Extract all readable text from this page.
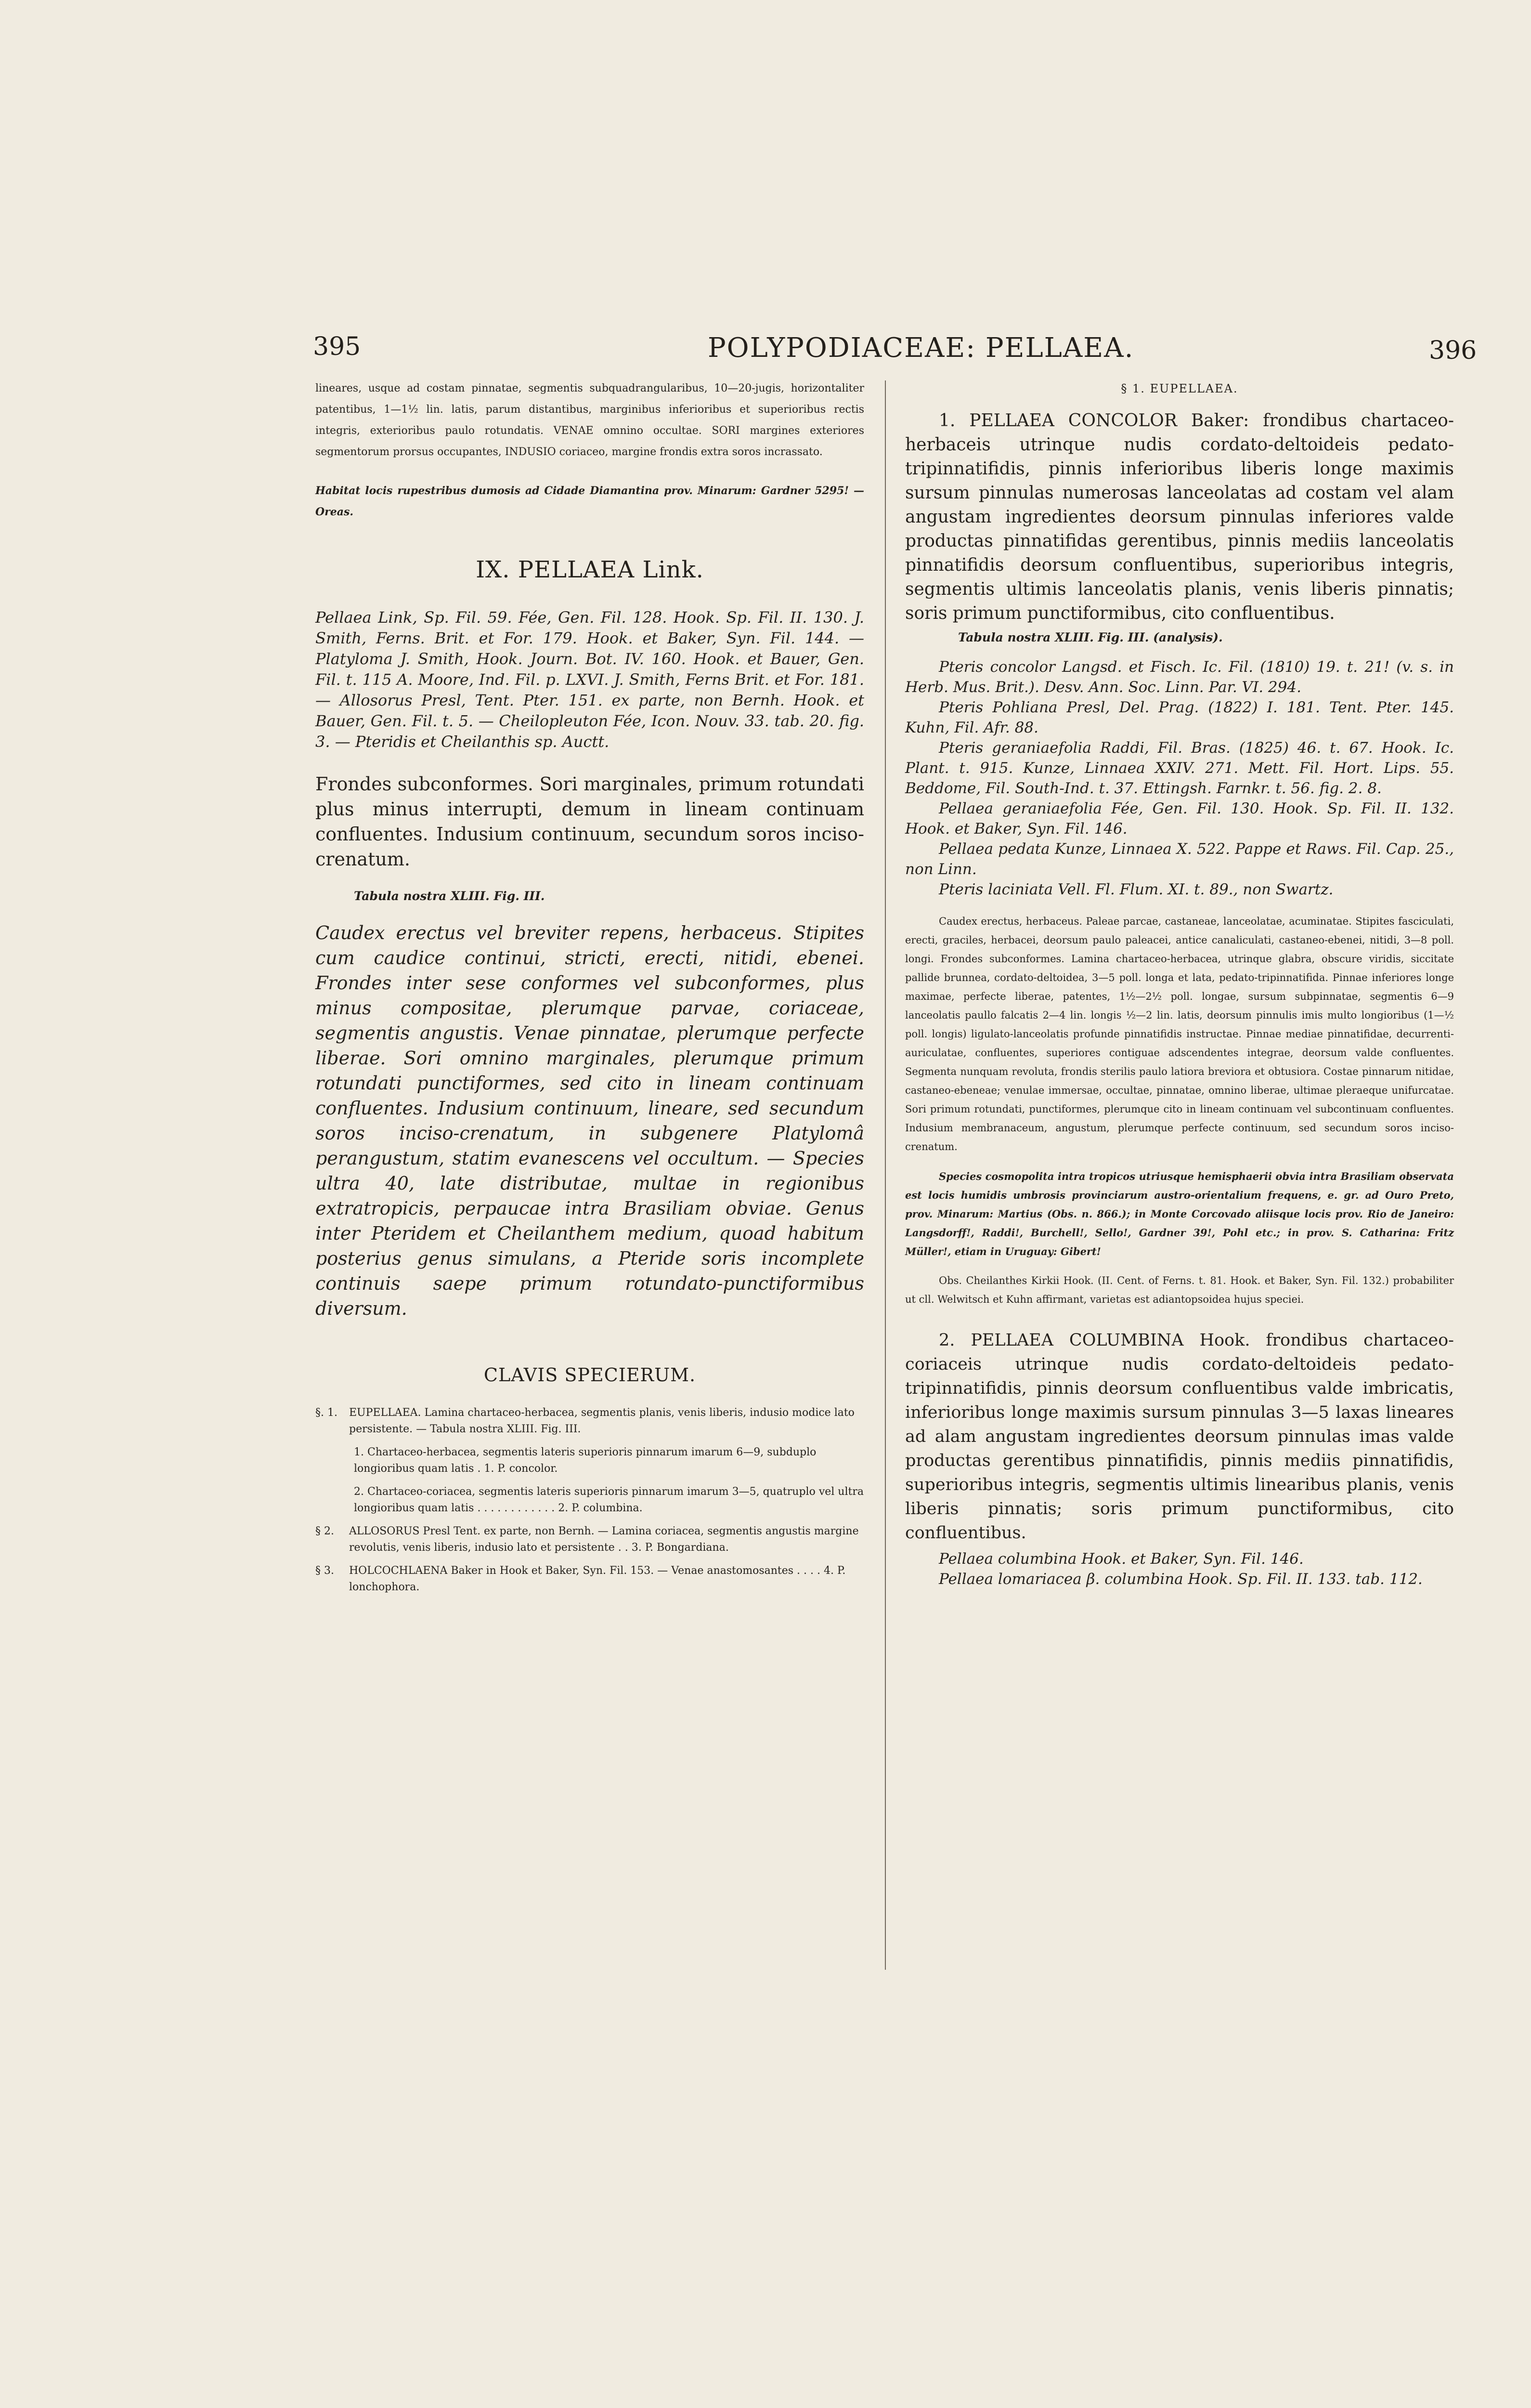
395	POLYPODIACEAE: PELLAEA.	396

lineares, usque ad costam pinnatae, segmentis subquadrangularibus, 10—20-jugis, horizontaliter patentibus, 1—1½ lin. latis, parum distantibus, marginibus inferioribus et superioribus rectis integris, exterioribus paulo rotundatis. VENAE omnino occultae. SORI margines exteriores segmentorum prorsus occupantes, INDUSIO coriaceo, margine frondis extra soros incrassato.

Habitat locis rupestribus dumosis ad Cidade Diamantina prov. Minarum: Gardner 5295! — Oreas.

IX. PELLAEA Link.

Pellaea Link, Sp. Fil. 59. Fée, Gen. Fil. 128. Hook. Sp. Fil. II. 130. J. Smith, Ferns. Brit. et For. 179. Hook. et Baker, Syn. Fil. 144. — Platyloma J. Smith, Hook. Journ. Bot. IV. 160. Hook. et Bauer, Gen. Fil. t. 115 A. Moore, Ind. Fil. p. LXVI. J. Smith, Ferns Brit. et For. 181. — Allosorus Presl, Tent. Pter. 151. ex parte, non Bernh. Hook. et Bauer, Gen. Fil. t. 5. — Cheilopleuton Fée, Icon. Nouv. 33. tab. 20. fig. 3. — Pteridis et Cheilanthis sp. Auctt.

Frondes subconformes. Sori marginales, primum rotundati plus minus interrupti, demum in lineam continuam confluentes. Indusium continuum, secundum soros inciso-crenatum.

Tabula nostra XLIII. Fig. III.

Caudex erectus vel breviter repens, herbaceus. Stipites cum caudice continui, stricti, erecti, nitidi, ebenei. Frondes inter sese conformes vel subconformes, plus minus compositae, plerumque parvae, coriaceae, segmentis angustis. Venae pinnatae, plerumque perfecte liberae. Sori omnino marginales, plerumque primum rotundati punctiformes, sed cito in lineam continuam confluentes. Indusium continuum, lineare, sed secundum soros inciso-crenatum, in subgenere Platylomâ perangustum, statim evanescens vel occultum. — Species ultra 40, late distributae, multae in regionibus extratropicis, perpaucae intra Brasiliam obviae. Genus inter Pteridem et Cheilanthem medium, quoad habitum posterius genus simulans, a Pteride soris incomplete continuis saepe primum rotundato-punctiformibus diversum.

CLAVIS SPECIERUM.

§. 1.	EUPELLAEA. Lamina chartaceo-herbacea, segmentis planis, venis liberis, indusio modice lato persistente. — Tabula nostra XLIII. Fig. III.

1. Chartaceo-herbacea, segmentis lateris superioris pinnarum imarum 6—9, subduplo longioribus quam latis . 1. P. concolor.

2. Chartaceo-coriacea, segmentis lateris superioris pinnarum imarum 3—5, quatruplo vel ultra longioribus quam latis . . . . . . . . . . . . 2. P. columbina.

§ 2.	ALLOSORUS Presl Tent. ex parte, non Bernh. — Lamina coriacea, segmentis angustis margine revolutis, venis liberis, indusio lato et persistente . . 3. P. Bongardiana.
§ 3.	HOLCOCHLAENA Baker in Hook et Baker, Syn. Fil. 153. — Venae anastomosantes . . . . 4. P. lonchophora.

§ 1. EUPELLAEA.

1. PELLAEA CONCOLOR Baker: frondibus chartaceo-herbaceis utrinque nudis cordato-deltoideis pedato-tripinnatifidis, pinnis inferioribus liberis longe maximis sursum pinnulas numerosas lanceolatas ad costam vel alam angustam ingredientes deorsum pinnulas inferiores valde productas pinnatifidas gerentibus, pinnis mediis lanceolatis pinnatifidis deorsum confluentibus, superioribus integris, segmentis ultimis lanceolatis planis, venis liberis pinnatis; soris primum punctiformibus, cito confluentibus.

Tabula nostra XLIII. Fig. III. (analysis).

Pteris concolor Langsd. et Fisch. Ic. Fil. (1810) 19. t. 21! (v. s. in Herb. Mus. Brit.). Desv. Ann. Soc. Linn. Par. VI. 294.

Pteris Pohliana Presl, Del. Prag. (1822) I. 181. Tent. Pter. 145. Kuhn, Fil. Afr. 88.

Pteris geraniaefolia Raddi, Fil. Bras. (1825) 46. t. 67. Hook. Ic. Plant. t. 915. Kunze, Linnaea XXIV. 271. Mett. Fil. Hort. Lips. 55. Beddome, Fil. South-Ind. t. 37. Ettingsh. Farnkr. t. 56. fig. 2. 8.

Pellaea geraniaefolia Fée, Gen. Fil. 130. Hook. Sp. Fil. II. 132. Hook. et Baker, Syn. Fil. 146.

Pellaea pedata Kunze, Linnaea X. 522. Pappe et Raws. Fil. Cap. 25., non Linn.

Pteris laciniata Vell. Fl. Flum. XI. t. 89., non Swartz.

Caudex erectus, herbaceus. Paleae parcae, castaneae, lanceolatae, acuminatae. Stipites fasciculati, erecti, graciles, herbacei, deorsum paulo paleacei, antice canaliculati, castaneo-ebenei, nitidi, 3—8 poll. longi. Frondes subconformes. Lamina chartaceo-herbacea, utrinque glabra, obscure viridis, siccitate pallide brunnea, cordato-deltoidea, 3—5 poll. longa et lata, pedato-tripinnatifida. Pinnae inferiores longe maximae, perfecte liberae, patentes, 1½—2½ poll. longae, sursum subpinnatae, segmentis 6—9 lanceolatis paullo falcatis 2—4 lin. longis ½—2 lin. latis, deorsum pinnulis imis multo longioribus (1—½ poll. longis) ligulato-lanceolatis profunde pinnatifidis instructae. Pinnae mediae pinnatifidae, decurrenti-auriculatae, confluentes, superiores contiguae adscendentes integrae, deorsum valde confluentes. Segmenta nunquam revoluta, frondis sterilis paulo latiora breviora et obtusiora. Costae pinnarum nitidae, castaneo-ebeneae; venulae immersae, occultae, pinnatae, omnino liberae, ultimae pleraeque unifurcatae. Sori primum rotundati, punctiformes, plerumque cito in lineam continuam vel subcontinuam confluentes. Indusium membranaceum, angustum, plerumque perfecte continuum, sed secundum soros inciso-crenatum.

Species cosmopolita intra tropicos utriusque hemisphaerii obvia intra Brasiliam observata est locis humidis umbrosis provinciarum austro-orientalium frequens, e. gr. ad Ouro Preto, prov. Minarum: Martius (Obs. n. 866.); in Monte Corcovado aliisque locis prov. Rio de Janeiro: Langsdorff!, Raddi!, Burchell!, Sello!, Gardner 39!, Pohl etc.; in prov. S. Catharina: Fritz Müller!, etiam in Uruguay: Gibert!

Obs. Cheilanthes Kirkii Hook. (II. Cent. of Ferns. t. 81. Hook. et Baker, Syn. Fil. 132.) probabiliter ut cll. Welwitsch et Kuhn affirmant, varietas est adiantopsoidea hujus speciei.

2. PELLAEA COLUMBINA Hook. frondibus chartaceo-coriaceis utrinque nudis cordato-deltoideis pedato-tripinnatifidis, pinnis deorsum confluentibus valde imbricatis, inferioribus longe maximis sursum pinnulas 3—5 laxas lineares ad alam angustam ingredientes deorsum pinnulas imas valde productas gerentibus pinnatifidis, pinnis mediis pinnatifidis, superioribus integris, segmentis ultimis linearibus planis, venis liberis pinnatis; soris primum punctiformibus, cito confluentibus.

Pellaea columbina Hook. et Baker, Syn. Fil. 146.

Pellaea lomariacea β. columbina Hook. Sp. Fil. II. 133. tab. 112.
